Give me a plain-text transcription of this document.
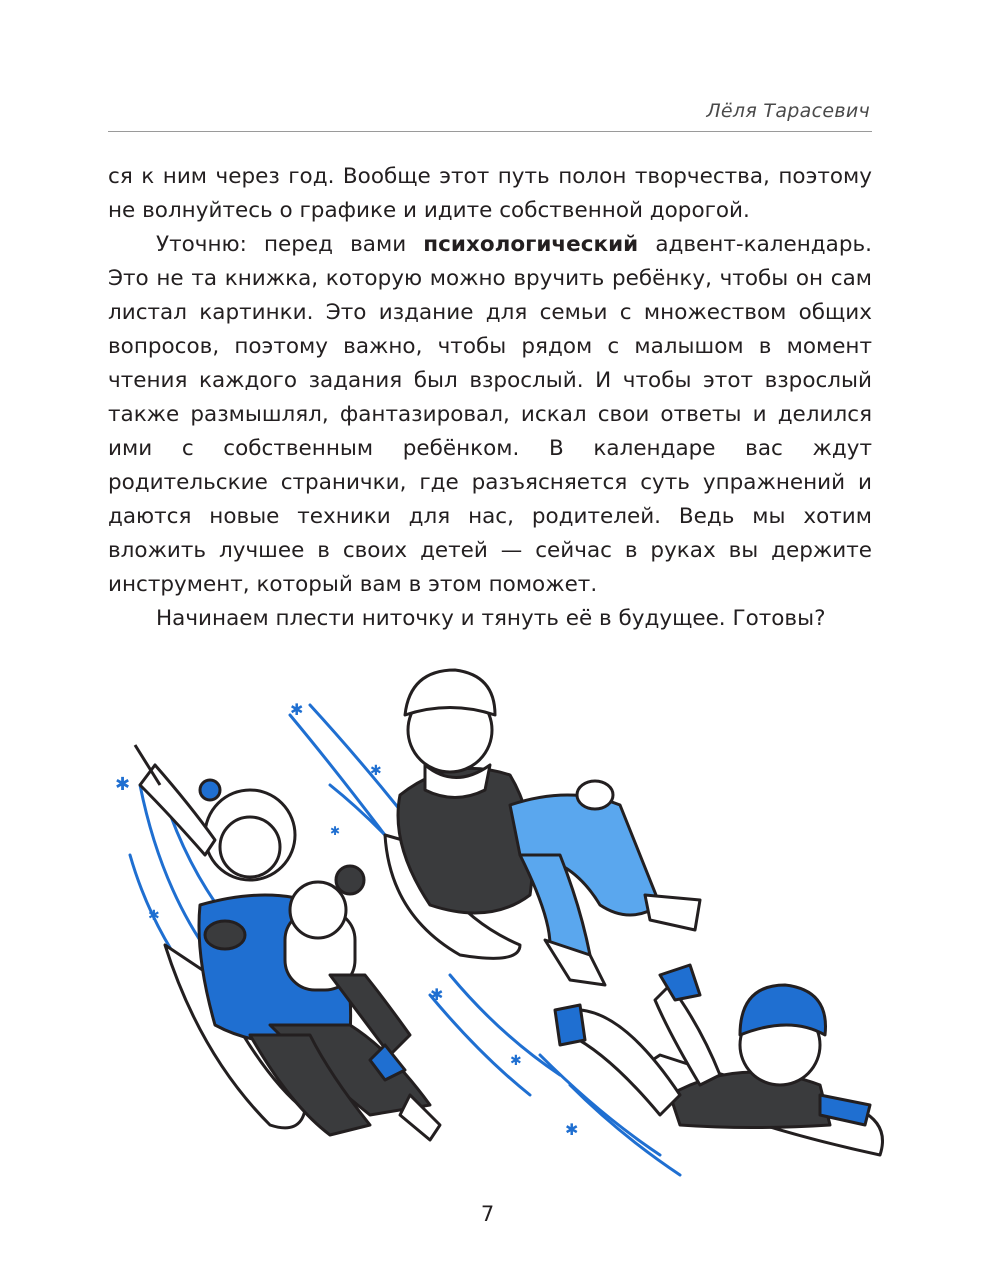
Лёля Тарасевич

ся к ним через год. Вообще этот путь полон творчества, поэтому не волнуйтесь о графике и идите собственной дорогой.

Уточню: перед вами психологический адвент-календарь. Это не та книжка, которую можно вручить ребёнку, чтобы он сам листал картинки. Это издание для семьи с множеством общих вопросов, поэтому важно, чтобы рядом с малышом в момент чтения каждого задания был взрослый. И чтобы этот взрослый также размышлял, фантазировал, искал свои ответы и делился ими с собственным ребёнком. В календаре вас ждут родительские странички, где разъясняется суть упражнений и даются новые техники для нас, родителей. Ведь мы хотим вложить лучшее в своих детей — сейчас в руках вы держите инструмент, который вам в этом поможет.

Начинаем плести ниточку и тянуть её в будущее. Готовы?

✱
✱
✱
✱
✱
✱
✱
✱
7
